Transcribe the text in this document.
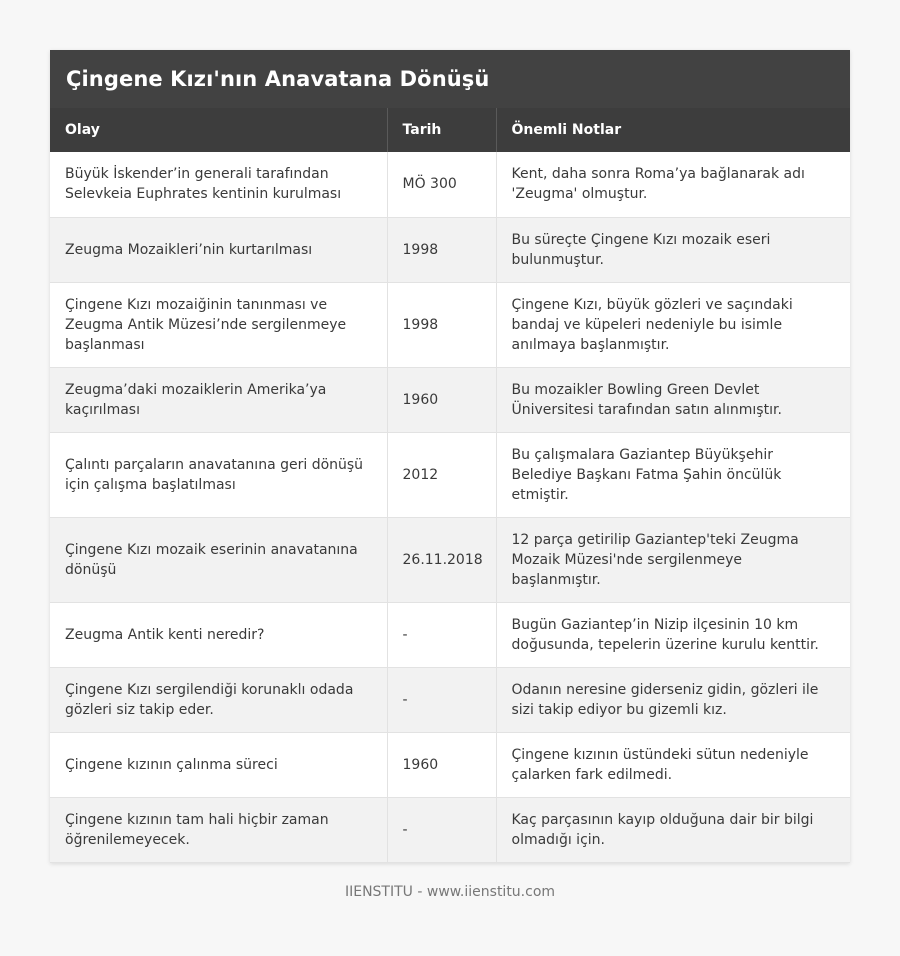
Çingene Kızı'nın Anavatana Dönüşü
Olay	Tarih	Önemli Notlar
Büyük İskender’in generali tarafından Selevkeia Euphrates kentinin kurulması	MÖ 300	Kent, daha sonra Roma’ya bağlanarak adı 'Zeugma' olmuştur.
Zeugma Mozaikleri’nin kurtarılması	1998	Bu süreçte Çingene Kızı mozaik eseri bulunmuştur.
Çingene Kızı mozaiğinin tanınması ve Zeugma Antik Müzesi’nde sergilenmeye başlanması	1998	Çingene Kızı, büyük gözleri ve saçındaki bandaj ve küpeleri nedeniyle bu isimle anılmaya başlanmıştır.
Zeugma’daki mozaiklerin Amerika’ya kaçırılması	1960	Bu mozaikler Bowling Green Devlet Üniversitesi tarafından satın alınmıştır.
Çalıntı parçaların anavatanına geri dönüşü için çalışma başlatılması	2012	Bu çalışmalara Gaziantep Büyükşehir Belediye Başkanı Fatma Şahin öncülük etmiştir.
Çingene Kızı mozaik eserinin anavatanına dönüşü	26.11.2018	12 parça getirilip Gaziantep'teki Zeugma Mozaik Müzesi'nde sergilenmeye başlanmıştır.
Zeugma Antik kenti neredir?	-	Bugün Gaziantep’in Nizip ilçesinin 10 km doğusunda, tepelerin üzerine kurulu kenttir.
Çingene Kızı sergilendiği korunaklı odada gözleri siz takip eder.	-	Odanın neresine giderseniz gidin, gözleri ile sizi takip ediyor bu gizemli kız.
Çingene kızının çalınma süreci	1960	Çingene kızının üstündeki sütun nedeniyle çalarken fark edilmedi.
Çingene kızının tam hali hiçbir zaman öğrenilemeyecek.	-	Kaç parçasının kayıp olduğuna dair bir bilgi olmadığı için.
IIENSTITU - www.iienstitu.com
